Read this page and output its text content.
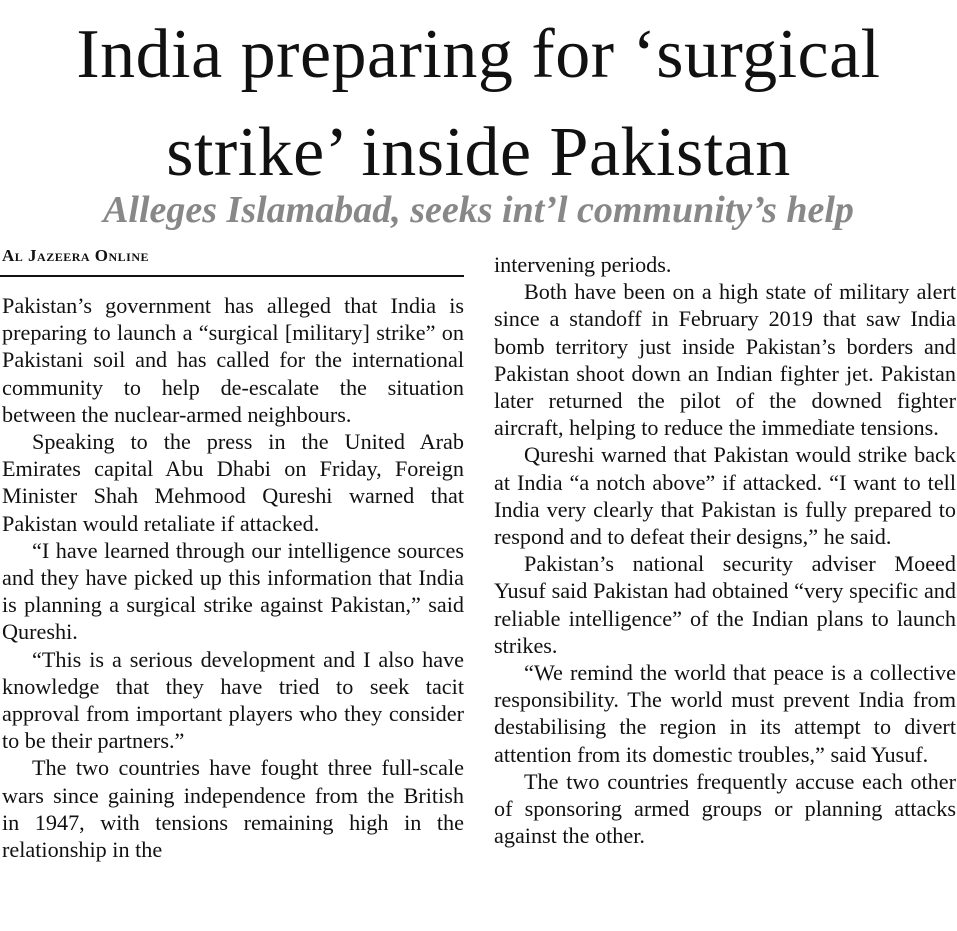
India preparing for ‘surgical
strike’ inside Pakistan
Alleges Islamabad, seeks int’l community’s help
Al Jazeera Online

Pakistan’s government has alleged that India is preparing to launch a “surgical [military] strike” on Pakistani soil and has called for the international community to help de-escalate the situation between the nuclear-armed neighbours.

Speaking to the press in the United Arab Emirates capital Abu Dhabi on Friday, Foreign Minister Shah Mehmood Qureshi warned that Pakistan would retaliate if attacked.

“I have learned through our intelligence sources and they have picked up this information that India is planning a surgical strike against Pakistan,” said Qureshi.

“This is a serious development and I also have knowledge that they have tried to seek tacit approval from important players who they consider to be their partners.”

The two countries have fought three full-scale wars since gaining independence from the British in 1947, with tensions remaining high in the relationship in the

intervening periods.

Both have been on a high state of military alert since a standoff in February 2019 that saw India bomb territory just inside Pakistan’s borders and Pakistan shoot down an Indian fighter jet. Pakistan later returned the pilot of the downed fighter aircraft, helping to reduce the immediate tensions.

Qureshi warned that Pakistan would strike back at India “a notch above” if attacked. “I want to tell India very clearly that Pakistan is fully prepared to respond and to defeat their designs,” he said.

Pakistan’s national security adviser Moeed Yusuf said Pakistan had obtained “very specific and reliable intelligence” of the Indian plans to launch strikes.

“We remind the world that peace is a collective responsibility. The world must prevent India from destabilising the region in its attempt to divert attention from its domestic troubles,” said Yusuf.

The two countries frequently accuse each other of sponsoring armed groups or planning attacks against the other.
